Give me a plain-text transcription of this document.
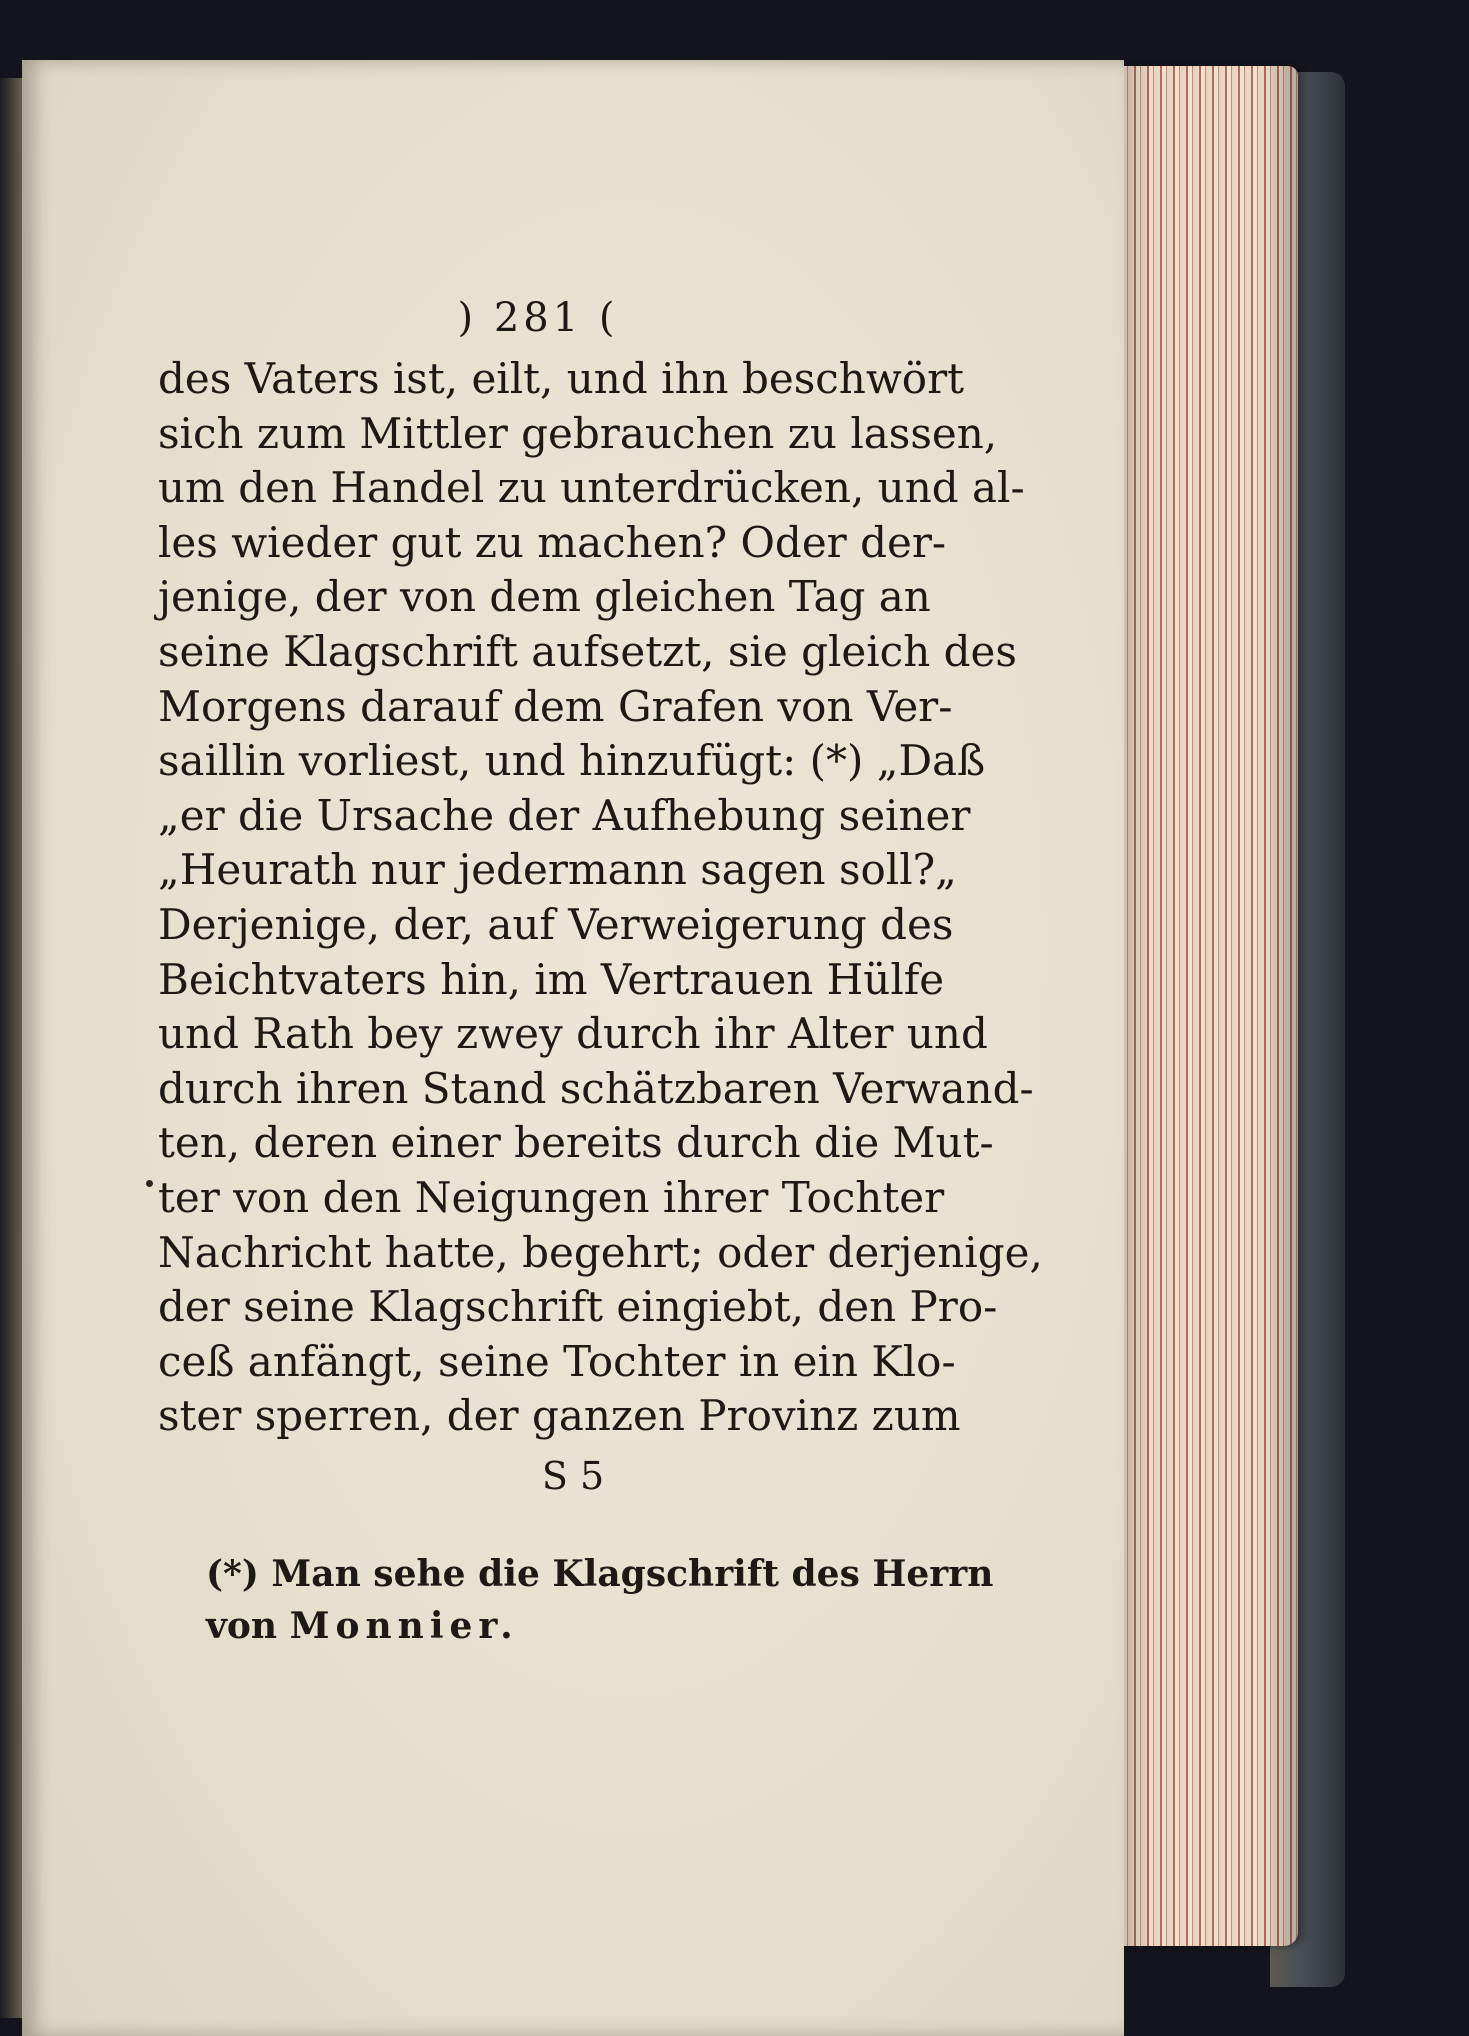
) 281 (
des Vaters ist, eilt, und ihn beschwört
sich zum Mittler gebrauchen zu lassen,
um den Handel zu unterdrücken, und al-
les wieder gut zu machen? Oder der-
jenige, der von dem gleichen Tag an
seine Klagschrift aufsetzt, sie gleich des
Morgens darauf dem Grafen von Ver-
saillin vorliest, und hinzufügt: (*) „Daß
„er die Ursache der Aufhebung seiner
„Heurath nur jedermann sagen soll?„
Derjenige, der, auf Verweigerung des
Beichtvaters hin, im Vertrauen Hülfe
und Rath bey zwey durch ihr Alter und
durch ihren Stand schätzbaren Verwand-
ten, deren einer bereits durch die Mut-
ter von den Neigungen ihrer Tochter
Nachricht hatte, begehrt; oder derjenige,
der seine Klagschrift eingiebt, den Pro-
ceß anfängt, seine Tochter in ein Klo-
ster sperren, der ganzen Provinz zum
S 5
(*) Man sehe die Klagschrift des Herrn
von Monnier.
